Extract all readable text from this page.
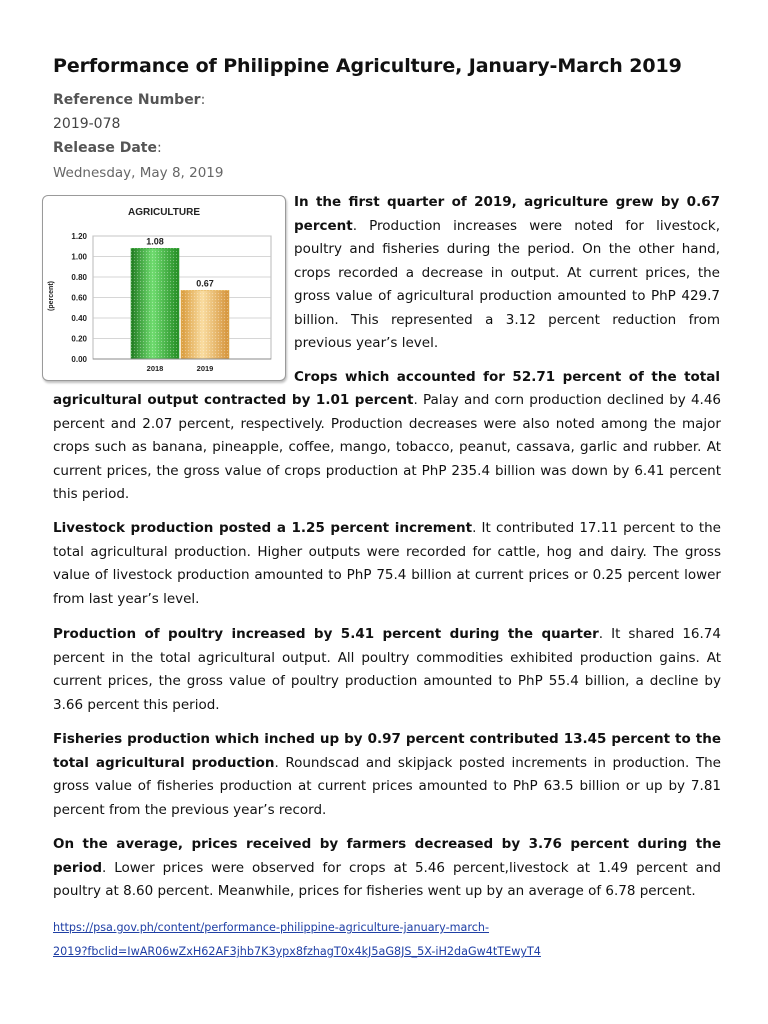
Performance of Philippine Agriculture, January-March 2019
Reference Number:
2019-078
Release Date:
Wednesday, May 8, 2019
AGRICULTURE
(percent)
0.00
0.20
0.40
0.60
0.80
1.00
1.20	1.08
2018
0.67
2019

In the first quarter of 2019, agriculture grew by 0.67 percent. Production increases were noted for livestock, poultry and fisheries during the period. On the other hand, crops recorded a decrease in output. At current prices, the gross value of agricultural production amounted to PhP 429.7 billion. This represented a 3.12 percent reduction from previous year’s level.

Crops which accounted for 52.71 percent of the total

agricultural output contracted by 1.01 percent. Palay and corn production declined by 4.46 percent and 2.07 percent, respectively. Production decreases were also noted among the major crops such as banana, pineapple, coffee, mango, tobacco, peanut, cassava, garlic and rubber. At current prices, the gross value of crops production at PhP 235.4 billion was down by 6.41 percent this period.

Livestock production posted a 1.25 percent increment. It contributed 17.11 percent to the total agricultural production. Higher outputs were recorded for cattle, hog and dairy. The gross value of livestock production amounted to PhP 75.4 billion at current prices or 0.25 percent lower from last year’s level.

Production of poultry increased by 5.41 percent during the quarter. It shared 16.74 percent in the total agricultural output. All poultry commodities exhibited production gains. At current prices, the gross value of poultry production amounted to PhP 55.4 billion, a decline by 3.66 percent this period.

Fisheries production which inched up by 0.97 percent contributed 13.45 percent to the total agricultural production. Roundscad and skipjack posted increments in production. The gross value of fisheries production at current prices amounted to PhP 63.5 billion or up by 7.81 percent from the previous year’s record.

On the average, prices received by farmers decreased by 3.76 percent during the period. Lower prices were observed for crops at 5.46 percent,livestock at 1.49 percent and poultry at 8.60 percent. Meanwhile, prices for fisheries went up by an average of 6.78 percent.

https://psa.gov.ph/content/performance-philippine-agriculture-january-march-
2019?fbclid=IwAR06wZxH62AF3jhb7K3ypx8fzhagT0x4kJ5aG8JS_5X-iH2daGw4tTEwyT4
